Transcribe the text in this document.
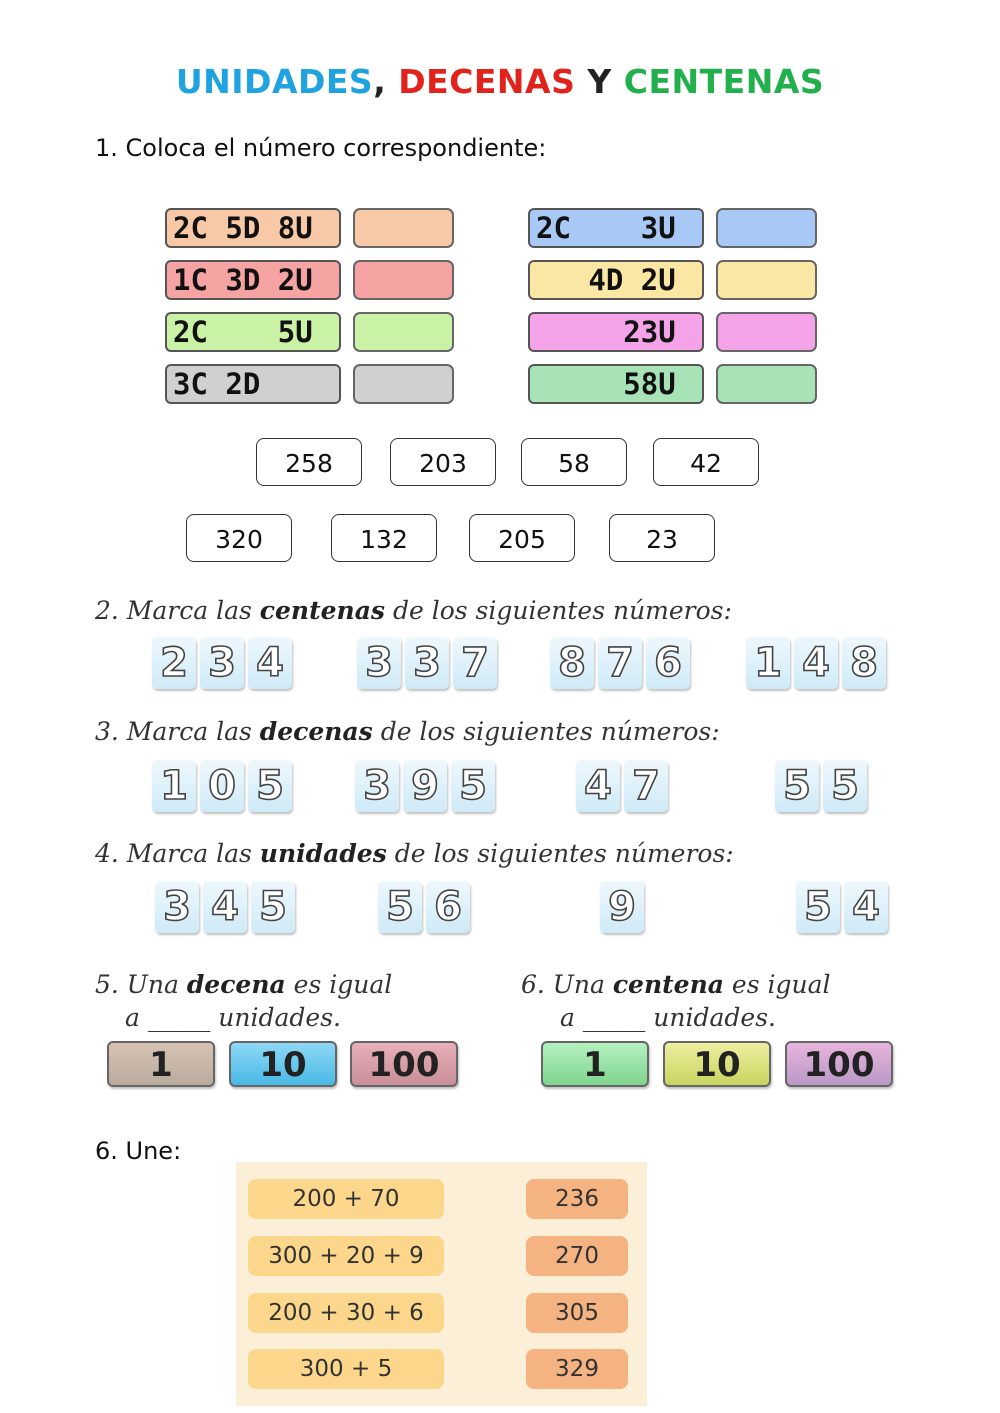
UNIDADES, DECENAS Y CENTENAS
1. Coloca el número correspondiente:
2C 5D 8U
1C 3D 2U
2C    5U
3C 2D
2C    3U
4D 2U
23U
58U
258	203	58	42
320	132	205	23
2. Marca las centenas de los siguientes números:
2 3 4 3 3 7 8 7 6 1 4 8
3. Marca las decenas de los siguientes números:
1 0 5 3 9 5 4 7	5 5
4. Marca las unidades de los siguientes números:
3 4 5 5 6	9	5 4
5. Una decena es igual
a _____ unidades.
1	10	100
6. Una centena es igual
a _____ unidades.
1	10	100
6. Une:
200 + 70	236
300 + 20 + 9	270
200 + 30 + 6	305
300 + 5	329
